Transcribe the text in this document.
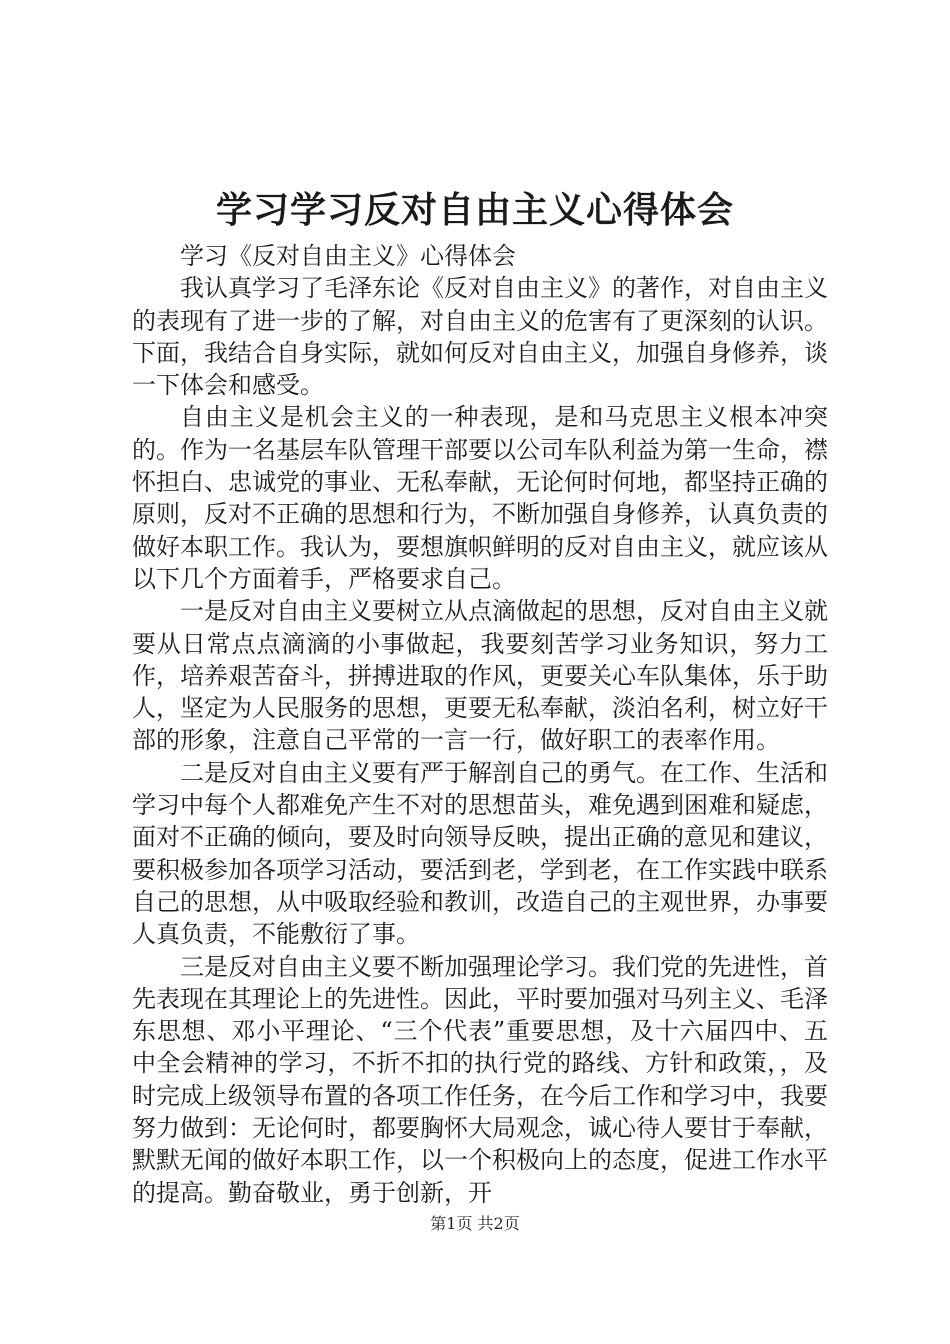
学习学习反对自由主义心得体会

学习《反对自由主义》心得体会

我认真学习了毛泽东论《反对自由主义》的著作，对自由主义的表现有了进一步的了解，对自由主义的危害有了更深刻的认识。下面，我结合自身实际，就如何反对自由主义，加强自身修养，谈一下体会和感受。

自由主义是机会主义的一种表现，是和马克思主义根本冲突的。作为一名基层车队管理干部要以公司车队利益为第一生命，襟怀担白、忠诚党的事业、无私奉献，无论何时何地，都坚持正确的原则，反对不正确的思想和行为，不断加强自身修养，认真负责的做好本职工作。我认为，要想旗帜鲜明的反对自由主义，就应该从以下几个方面着手，严格要求自己。

一是反对自由主义要树立从点滴做起的思想，反对自由主义就要从日常点点滴滴的小事做起，我要刻苦学习业务知识，努力工作，培养艰苦奋斗，拼搏进取的作风，更要关心车队集体，乐于助人，坚定为人民服务的思想，更要无私奉献，淡泊名利，树立好干部的形象，注意自己平常的一言一行，做好职工的表率作用。

二是反对自由主义要有严于解剖自己的勇气。在工作、生活和学习中每个人都难免产生不对的思想苗头，难免遇到困难和疑虑，面对不正确的倾向，要及时向领导反映，提出正确的意见和建议，要积极参加各项学习活动，要活到老，学到老，在工作实践中联系自己的思想，从中吸取经验和教训，改造自己的主观世界，办事要人真负责，不能敷衍了事。

三是反对自由主义要不断加强理论学习。我们党的先进性，首先表现在其理论上的先进性。因此，平时要加强对马列主义、毛泽东思想、邓小平理论、“三个代表”重要思想，及十六届四中、五中全会精神的学习，不折不扣的执行党的路线、方针和政策，，及时完成上级领导布置的各项工作任务，在今后工作和学习中，我要努力做到：无论何时，都要胸怀大局观念，诚心待人要甘于奉献，默默无闻的做好本职工作，以一个积极向上的态度，促进工作水平的提高。勤奋敬业，勇于创新，开

第1页 共2页
